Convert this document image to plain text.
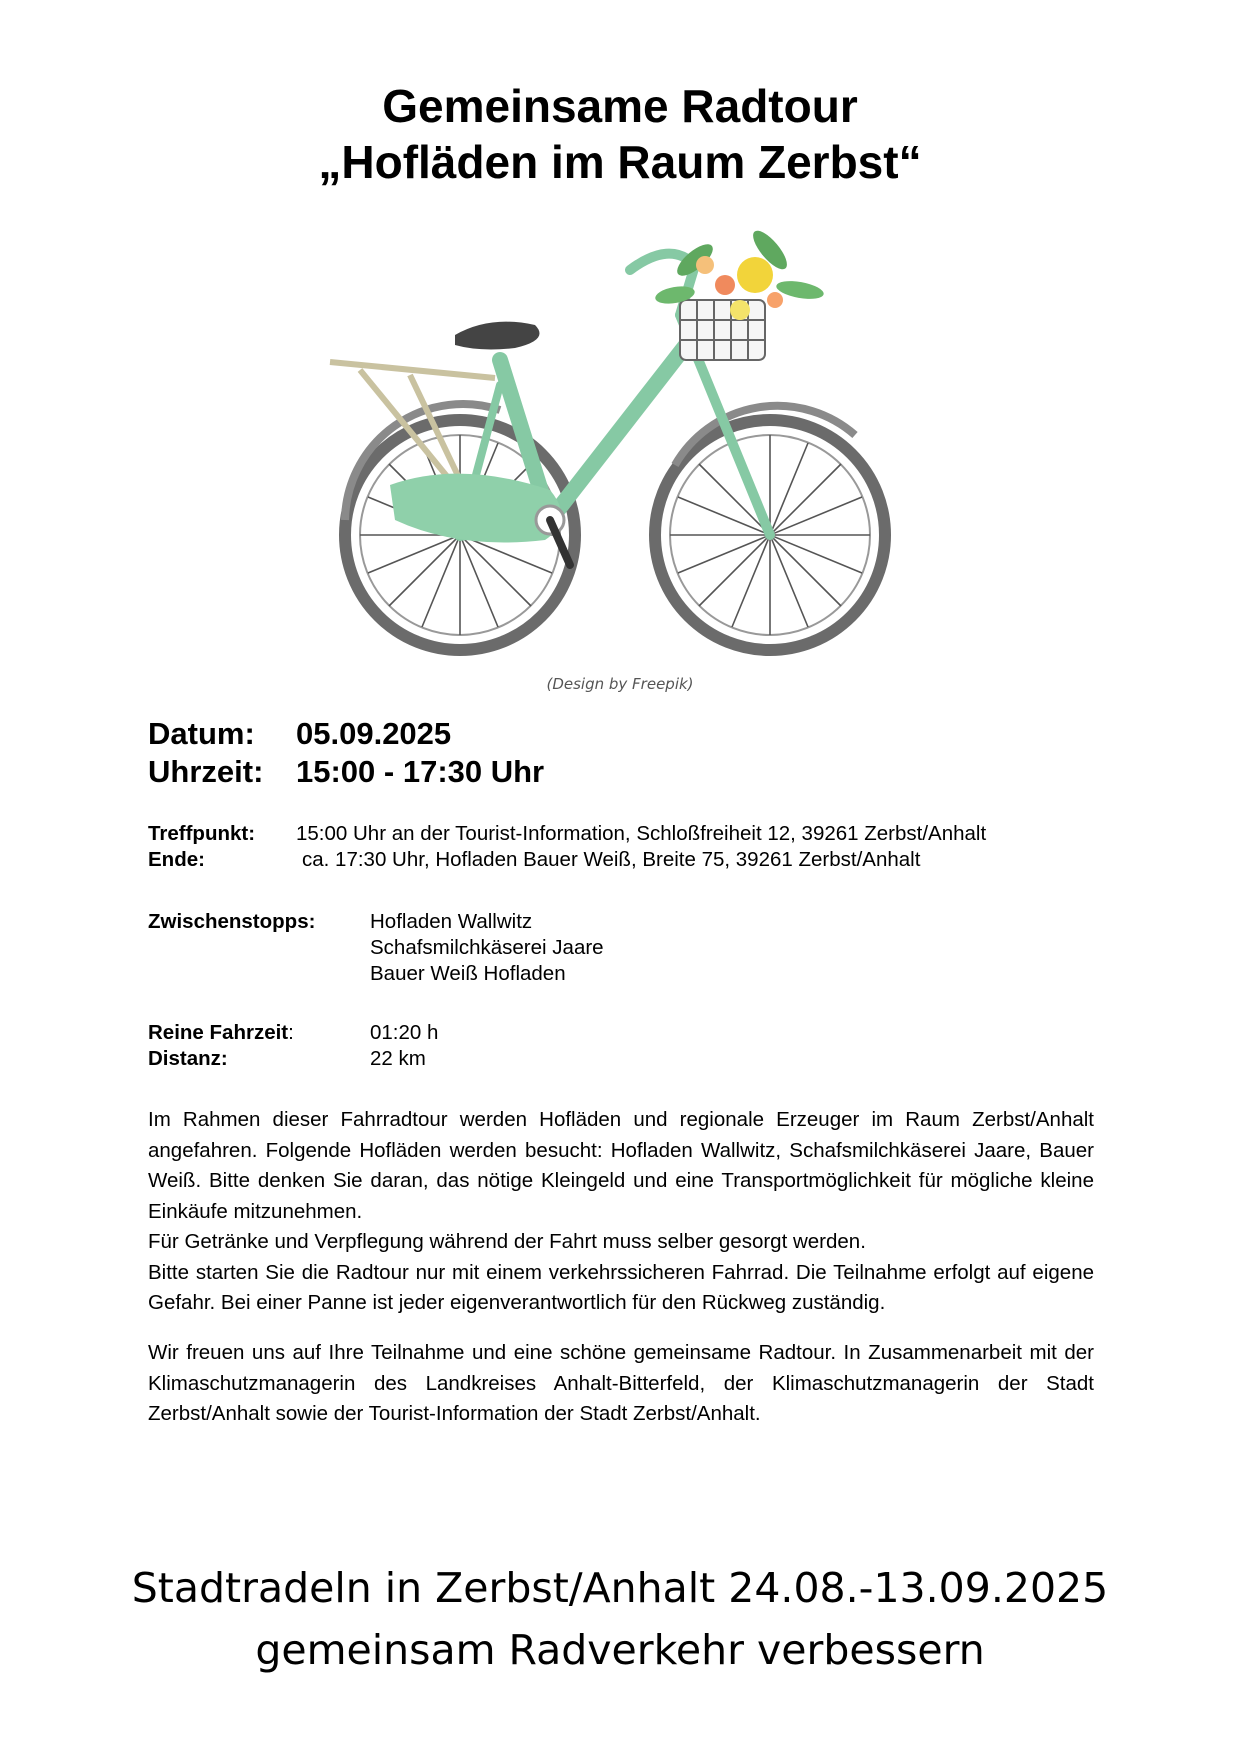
Gemeinsame Radtour
„Hofläden im Raum Zerbst“
(Design by Freepik)
Datum: 05.09.2025
Uhrzeit: 15:00 - 17:30 Uhr
Treffpunkt: 15:00 Uhr an der Tourist-Information, Schloßfreiheit 12, 39261 Zerbst/Anhalt
Ende:	ca. 17:30 Uhr, Hofladen Bauer Weiß, Breite 75, 39261 Zerbst/Anhalt
Zwischenstopps:	Hofladen Wallwitz
Schafsmilchkäserei Jaare
Bauer Weiß Hofladen
Reine Fahrzeit:	01:20 h
Distanz:	22 km

Im Rahmen dieser Fahrradtour werden Hofläden und regionale Erzeuger im Raum Zerbst/Anhalt angefahren. Folgende Hofläden werden besucht: Hofladen Wallwitz, Schafsmilchkäserei Jaare, Bauer Weiß. Bitte denken Sie daran, das nötige Kleingeld und eine Transportmöglichkeit für mögliche kleine Einkäufe mitzunehmen.

Für Getränke und Verpflegung während der Fahrt muss selber gesorgt werden.

Bitte starten Sie die Radtour nur mit einem verkehrssicheren Fahrrad. Die Teilnahme erfolgt auf eigene Gefahr. Bei einer Panne ist jeder eigenverantwortlich für den Rückweg zuständig.

Wir freuen uns auf Ihre Teilnahme und eine schöne gemeinsame Radtour. In Zusammenarbeit mit der Klimaschutzmanagerin des Landkreises Anhalt-Bitterfeld, der Klimaschutzmanagerin der Stadt Zerbst/Anhalt sowie der Tourist-Information der Stadt Zerbst/Anhalt.

Stadtradeln in Zerbst/Anhalt 24.08.-13.09.2025
gemeinsam Radverkehr verbessern
